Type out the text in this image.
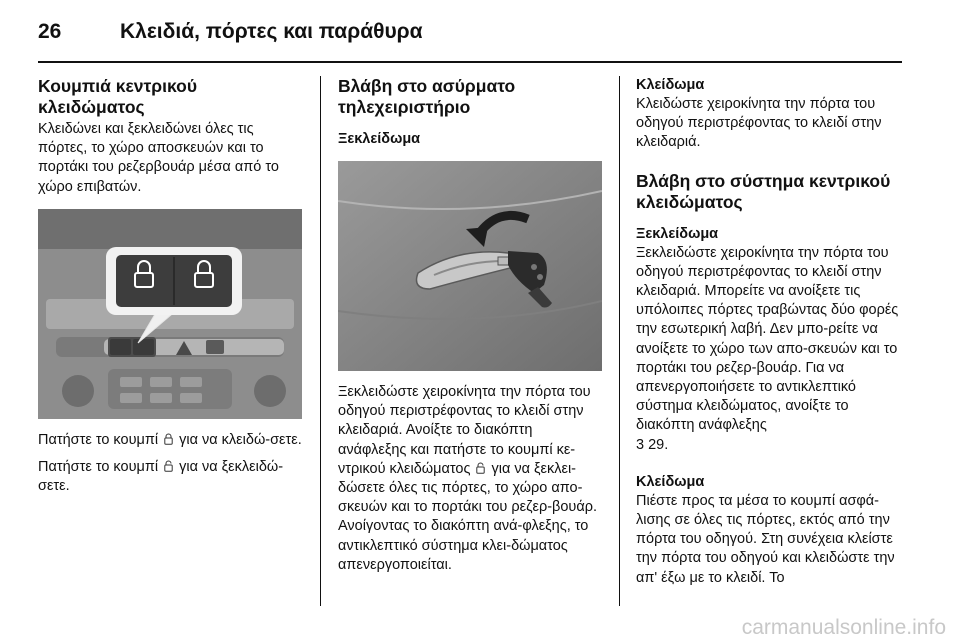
26	Κλειδιά, πόρτες και παράθυρα
Κουμπιά κεντρικού κλειδώματος

Κλειδώνει και ξεκλειδώνει όλες τις πόρτες, το χώρο αποσκευών και το πορτάκι του ρεζερβουάρ μέσα από το χώρο επιβατών.

Πατήστε το κουμπί για να κλειδώ-σετε.

Πατήστε το κουμπί για να ξεκλειδώ-σετε.

Βλάβη στο ασύρματο τηλεχειριστήριο
Ξεκλείδωμα

Ξεκλειδώστε χειροκίνητα την πόρτα του οδηγού περιστρέφοντας το κλειδί στην κλειδαριά. Ανοίξτε το διακόπτη ανάφλεξης και πατήστε το κουμπί κε-ντρικού κλειδώματος για να ξεκλει-δώσετε όλες τις πόρτες, το χώρο απο-σκευών και το πορτάκι του ρεζερ-βουάρ. Ανοίγοντας το διακόπτη ανά-φλεξης, το αντικλεπτικό σύστημα κλει-δώματος απενεργοποιείται.

Κλείδωμα

Κλειδώστε χειροκίνητα την πόρτα του οδηγού περιστρέφοντας το κλειδί στην κλειδαριά.

Βλάβη στο σύστημα κεντρικού κλειδώματος
Ξεκλείδωμα

Ξεκλειδώστε χειροκίνητα την πόρτα του οδηγού περιστρέφοντας το κλειδί στην κλειδαριά. Μπορείτε να ανοίξετε τις υπόλοιπες πόρτες τραβώντας δύο φορές την εσωτερική λαβή. Δεν μπο-ρείτε να ανοίξετε το χώρο των απο-σκευών και το πορτάκι του ρεζερ-βουάρ. Για να απενεργοποιήσετε το αντικλεπτικό σύστημα κλειδώματος, ανοίξτε το διακόπτη ανάφλεξης
3 29.

Κλείδωμα

Πιέστε προς τα μέσα το κουμπί ασφά-λισης σε όλες τις πόρτες, εκτός από την πόρτα του οδηγού. Στη συνέχεια κλείστε την πόρτα του οδηγού και κλειδώστε την απ' έξω με το κλειδί. Το

carmanualsonline.info
